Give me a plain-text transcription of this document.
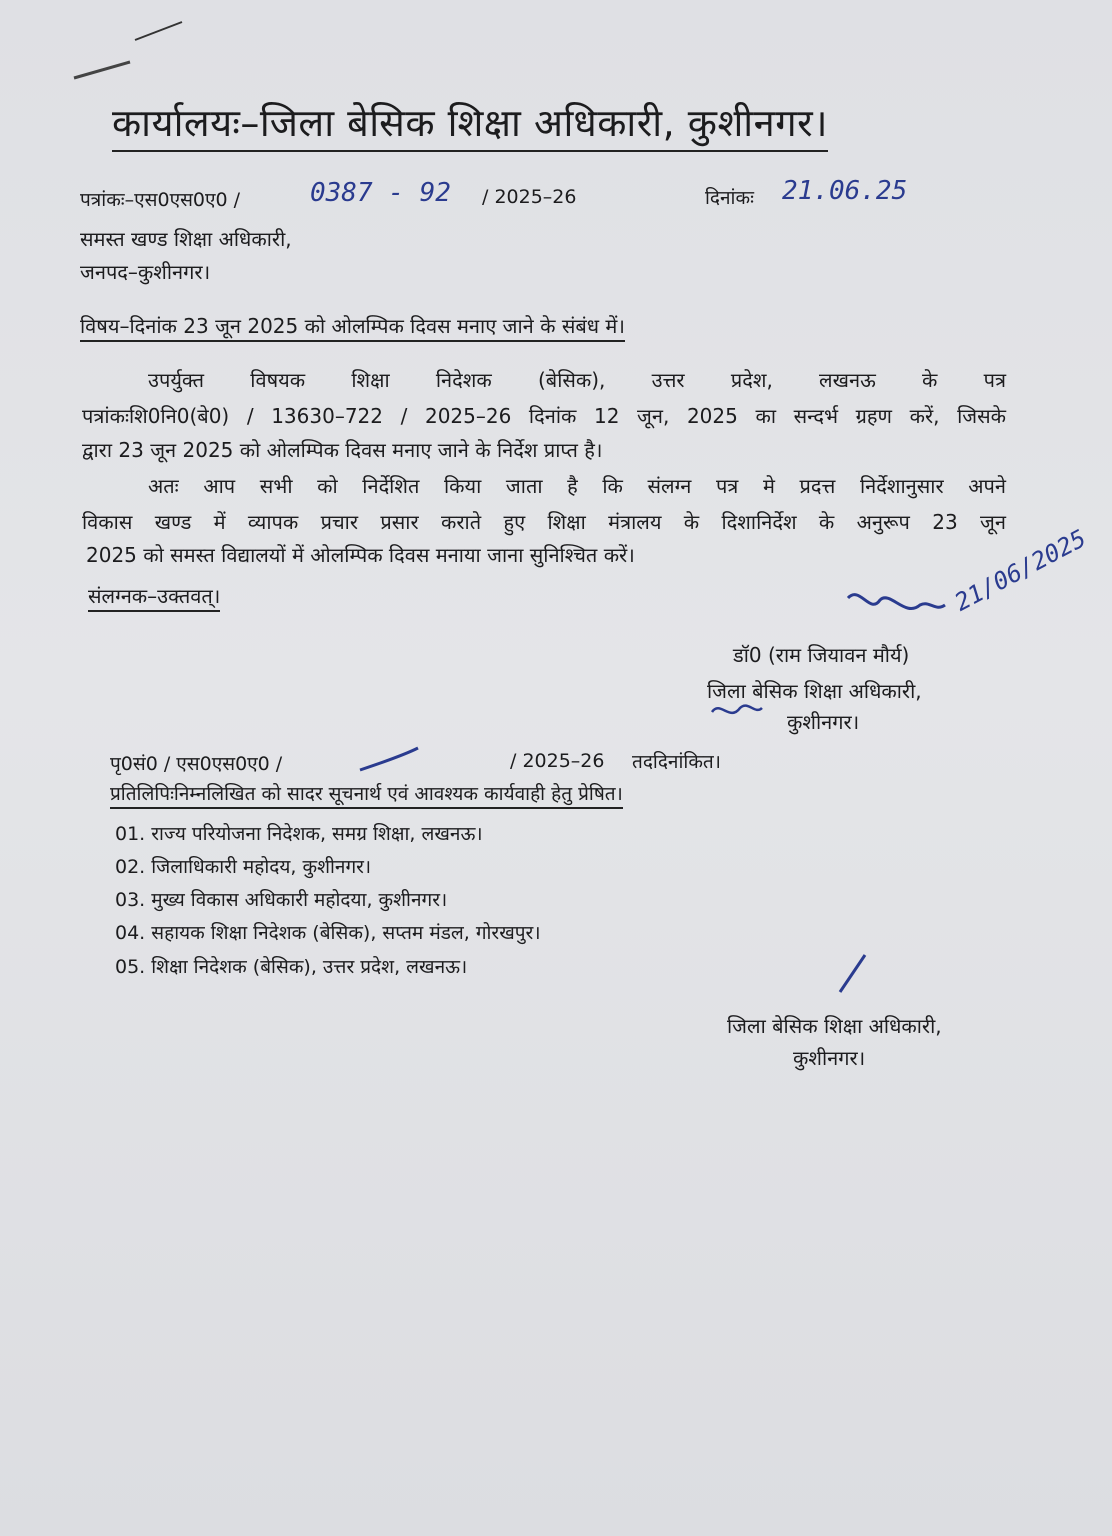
कार्यालयः–जिला बेसिक शिक्षा अधिकारी, कुशीनगर।
पत्रांकः–एस0एस0ए0 /	0387 - 92 / 2025–26	दिनांकः 21.06.25
समस्त खण्ड शिक्षा अधिकारी,
जनपद–कुशीनगर।
विषय–दिनांक 23 जून 2025 को ओलम्पिक दिवस मनाए जाने के संबंध में।
उपर्युक्त विषयक शिक्षा निदेशक (बेसिक), उत्तर प्रदेश, लखनऊ के पत्र
पत्रांकःशि0नि0(बे0) / 13630–722 / 2025–26 दिनांक 12 जून, 2025 का सन्दर्भ ग्रहण करें, जिसके
द्वारा 23 जून 2025 को ओलम्पिक दिवस मनाए जाने के निर्देश प्राप्त है।
अतः आप सभी को निर्देशित किया जाता है कि संलग्न पत्र मे प्रदत्त निर्देशानुसार अपने
विकास खण्ड में व्यापक प्रचार प्रसार कराते हुए शिक्षा मंत्रालय के दिशानिर्देश के अनुरूप 23 जून
2025 को समस्त विद्यालयों में ओलम्पिक दिवस मनाया जाना सुनिश्चित करें।
संलग्नक–उक्तवत्।	21/06/2025
डॉ0 (राम जियावन मौर्य)
जिला बेसिक शिक्षा अधिकारी,
कुशीनगर।
पृ0सं0 / एस0एस0ए0 /	/ 2025–26 तददिनांकित।
प्रतिलिपिःनिम्नलिखित को सादर सूचनार्थ एवं आवश्यक कार्यवाही हेतु प्रेषित।
01. राज्य परियोजना निदेशक, समग्र शिक्षा, लखनऊ।
02. जिलाधिकारी महोदय, कुशीनगर।
03. मुख्य विकास अधिकारी महोदया, कुशीनगर।
04. सहायक शिक्षा निदेशक (बेसिक), सप्तम मंडल, गोरखपुर।
05. शिक्षा निदेशक (बेसिक), उत्तर प्रदेश, लखनऊ।
जिला बेसिक शिक्षा अधिकारी,
कुशीनगर।
